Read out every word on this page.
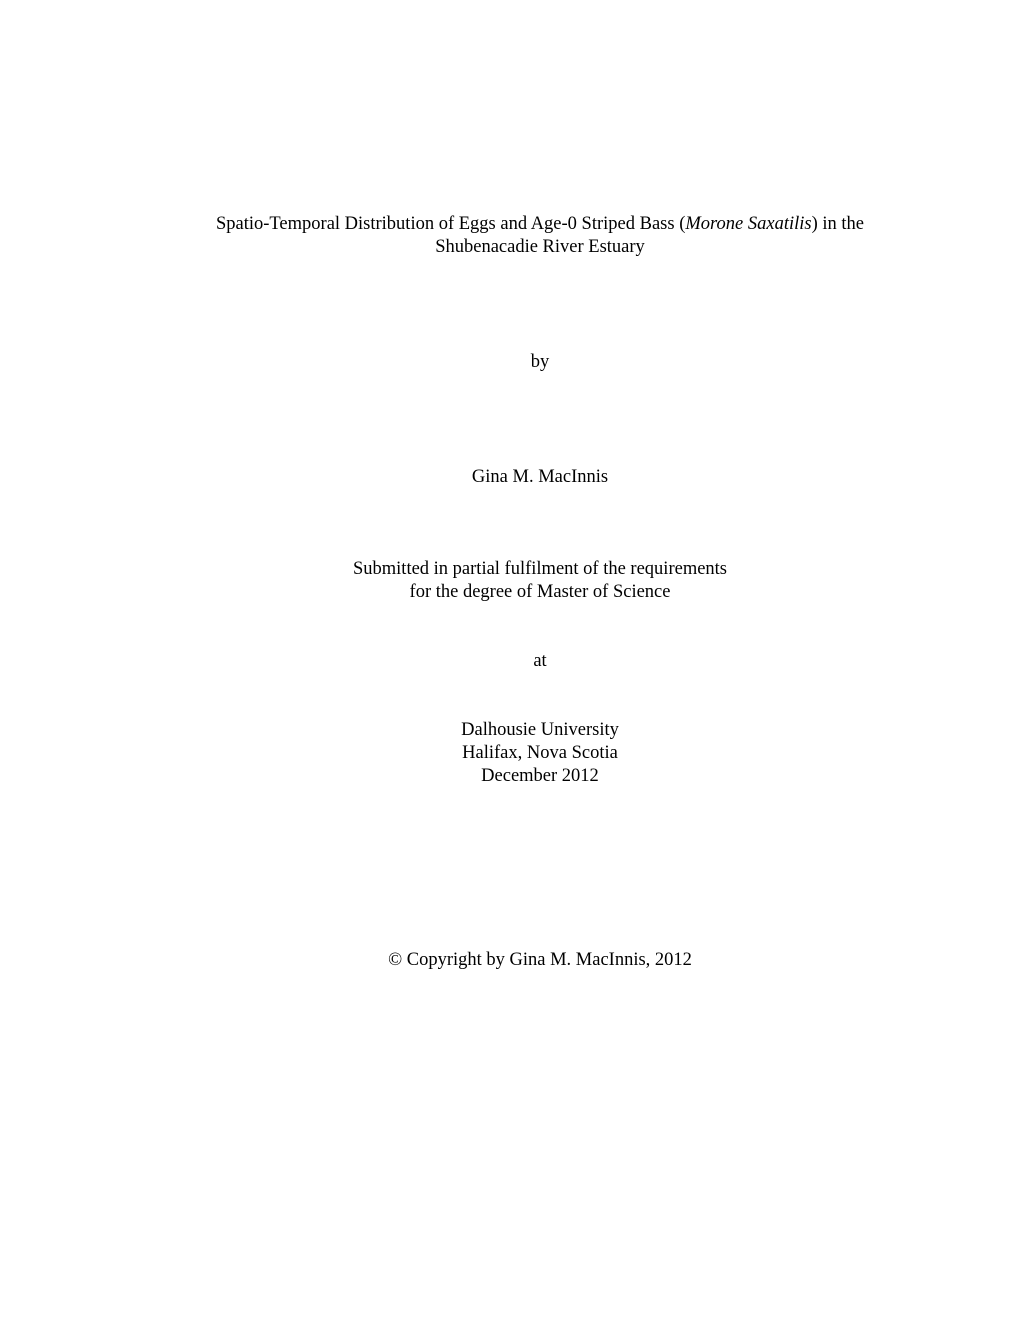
Spatio-Temporal Distribution of Eggs and Age-0 Striped Bass (Morone Saxatilis) in the
Shubenacadie River Estuary
by
Gina M. MacInnis
Submitted in partial fulfilment of the requirements
for the degree of Master of Science
at
Dalhousie University
Halifax, Nova Scotia
December 2012
© Copyright by Gina M. MacInnis, 2012
